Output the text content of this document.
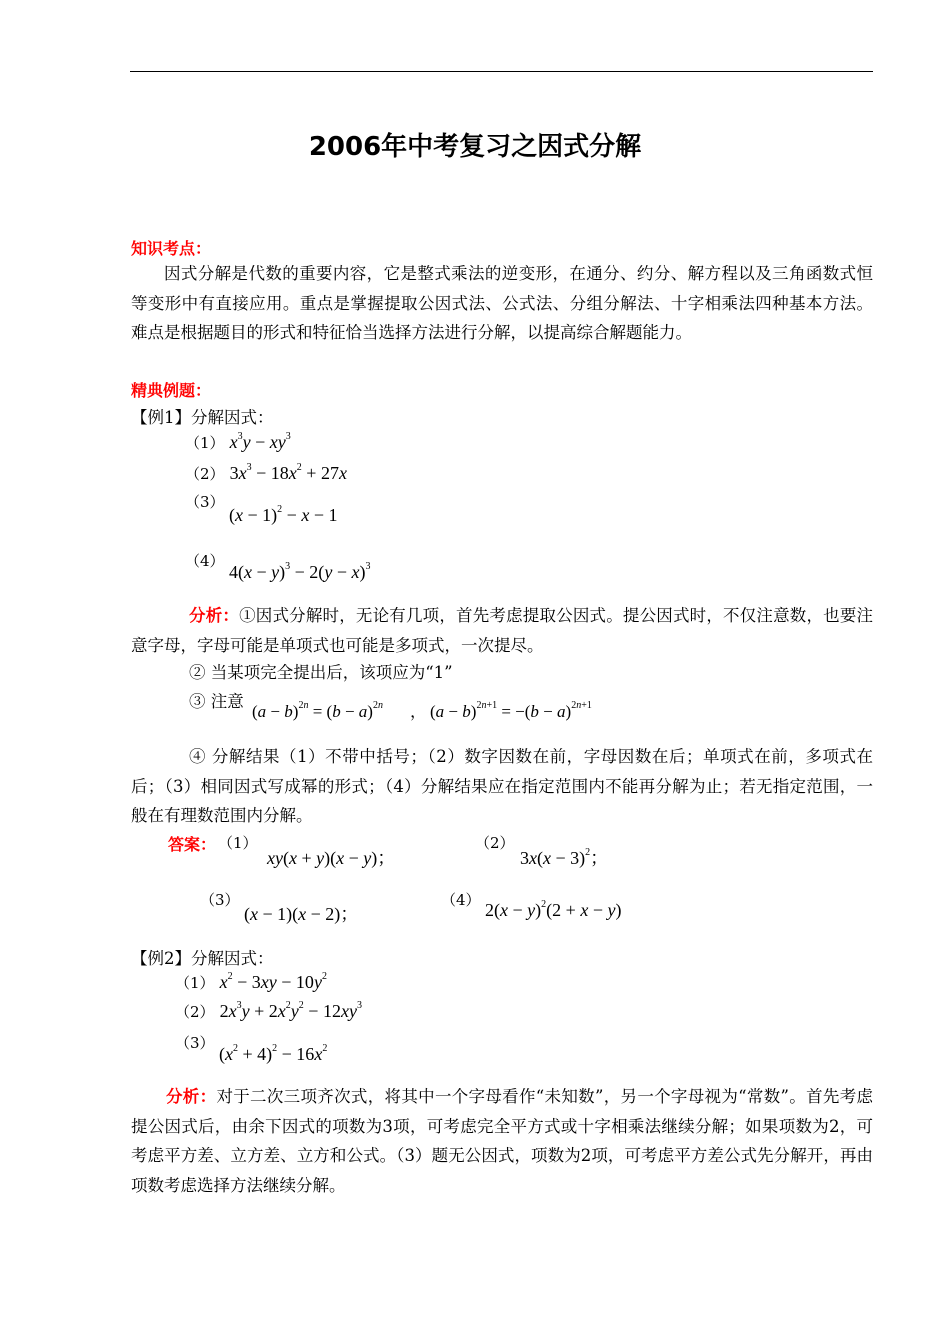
2006年中考复习之因式分解
知识考点：
因式分解是代数的重要内容，它是整式乘法的逆变形，在通分、约分、解方程以及三角函数式恒等变形中有直接应用。重点是掌握提取公因式法、公式法、分组分解法、十字相乘法四种基本方法。难点是根据题目的形式和特征恰当选择方法进行分解，以提高综合解题能力。
精典例题：
【例1】分解因式：
（1） $x^3y - xy^3$
（2） $3x^3 - 18x^2 + 27x$
（3）
$(x - 1)^2 - x - 1$
（4）
$4(x - y)^3 - 2(y - x)^3$
分析：①因式分解时，无论有几项，首先考虑提取公因式。提公因式时，不仅注意数，也要注意字母，字母可能是单项式也可能是多项式，一次提尽。
② 当某项完全提出后，该项应为“1”
③ 注意
$(a - b)^{2n} = (b - a)^{2n}$ ， $(a - b)^{2n+1} = -(b - a)^{2n+1}$
④ 分解结果（1）不带中括号；（2）数字因数在前，字母因数在后；单项式在前，多项式在后；（3）相同因式写成幂的形式；（4）分解结果应在指定范围内不能再分解为止；若无指定范围，一般在有理数范围内分解。
答案： （1）
xy(x + y)(x − y)；
（2）
$3x(x - 3)^2$；
（3）
(x − 1)(x − 2)；
（4） $2(x - y)^2(2 + x - y)$
【例2】分解因式：
（1） $x^2 - 3xy - 10y^2$
（2） $2x^3y + 2x^2y^2 - 12xy^3$
（3）
$(x^2 + 4)^2 - 16x^2$
分析：对于二次三项齐次式，将其中一个字母看作“未知数”，另一个字母视为“常数”。首先考虑提公因式后，由余下因式的项数为3项，可考虑完全平方式或十字相乘法继续分解；如果项数为2，可考虑平方差、立方差、立方和公式。（3）题无公因式，项数为2项，可考虑平方差公式先分解开，再由项数考虑选择方法继续分解。
